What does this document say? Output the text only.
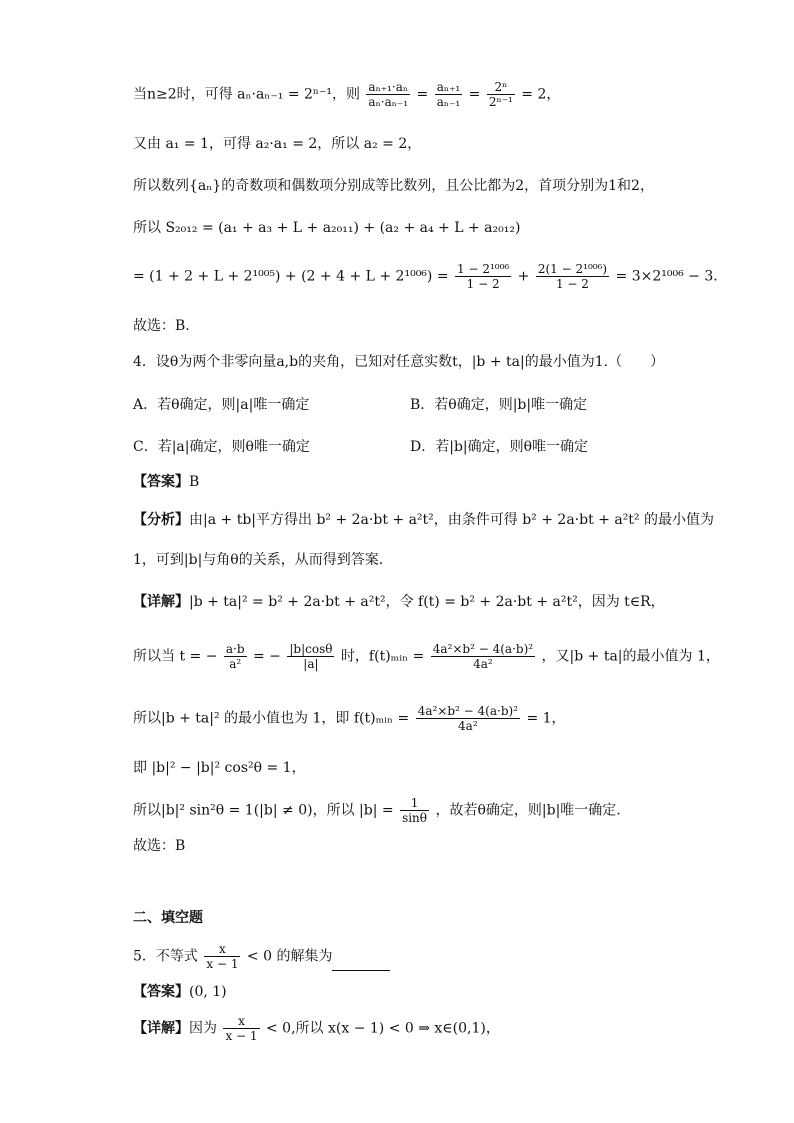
当n≥2时，可得 aₙ·aₙ₋₁ = 2ⁿ⁻¹，则 $\frac{\text{aₙ₊₁·aₙ}}{\text{aₙ·aₙ₋₁}} = \frac{\text{aₙ₊₁}}{\text{aₙ₋₁}} = \frac{\text{2ⁿ}}{\text{2ⁿ⁻¹}} = 2$，
又由 a₁ = 1，可得 a₂·a₁ = 2，所以 a₂ = 2，
所以数列{aₙ}的奇数项和偶数项分别成等比数列，且公比都为2，首项分别为1和2，
所以 S₂₀₁₂ = (a₁ + a₃ + L + a₂₀₁₁) + (a₂ + a₄ + L + a₂₀₁₂)
= $(1 + 2 + L + 2^{1005}) + (2 + 4 + L + 2^{1006}) = \frac{\text{1 − 2¹⁰⁰⁶}}{1 - 2} + \frac{\text{2(1 − 2¹⁰⁰⁶)}}{1 - 2} = 3\times 2^{1006} - 3$.
故选：B.
4．设θ为两个非零向量a,b的夹角，已知对任意实数t，|b + ta|的最小值为1.（　　）
A．若θ确定，则|a|唯一确定	B．若θ确定，则|b|唯一确定
C．若|a|确定，则θ唯一确定	D．若|b|确定，则θ唯一确定
【答案】B
【分析】由|a + tb|平方得出 b² + 2a·bt + a²t²，由条件可得 b² + 2a·bt + a²t² 的最小值为
1，可到|b|与角θ的关系，从而得到答案.
【详解】|b + ta|² = b² + 2a·bt + a²t²，令 f(t) = b² + 2a·bt + a²t²，因为 t∈R，
所以当 t = − $\frac{a\cdot b}{\text{a²}}$ = − $\frac{|b|\cos\theta}{|a|}$ 时，f(t)ₘᵢₙ = $\frac{\text{4a²×b² − 4(a·b)²}}{\text{4a²}}$ ，又|b + ta|的最小值为 1，
所以|b + ta|² 的最小值也为 1，即 f(t)ₘᵢₙ = $\frac{\text{4a²×b² − 4(a·b)²}}{\text{4a²}} = 1$，
即 |b|² − |b|² cos²θ = 1，
所以|b|² sin²θ = 1(|b| ≠ 0)，所以 $|b| = \frac{1}{\sin\theta}$ ，故若θ确定，则|b|唯一确定.
故选：B
二、填空题
5．不等式 $\frac{x}{x - 1} < 0$ 的解集为
【答案】(0, 1)
【详解】因为 $\frac{x}{x - 1} < 0$,所以 x(x − 1) < 0 ⇒ x∈(0,1)，
